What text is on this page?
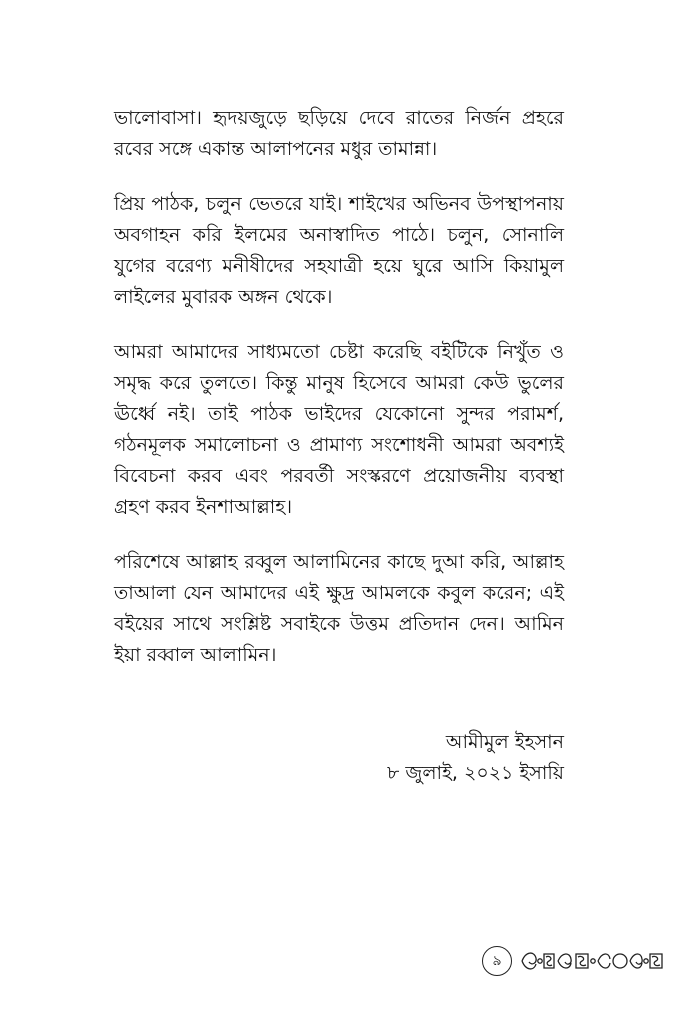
ভালোবাসা। হৃদয়জুড়ে ছড়িয়ে দেবে রাতের নির্জন প্রহরে রবের সঙ্গে একান্ত আলাপনের মধুর তামান্না।

প্রিয় পাঠক, চলুন ভেতরে যাই। শাইখের অভিনব উপস্থাপনায় অবগাহন করি ইলমের অনাস্বাদিত পাঠে। চলুন, সোনালি যুগের বরেণ্য মনীষীদের সহযাত্রী হয়ে ঘুরে আসি কিয়ামুল লাইলের মুবারক অঙ্গন থেকে।

আমরা আমাদের সাধ্যমতো চেষ্টা করেছি বইটিকে নিখুঁত ও সমৃদ্ধ করে তুলতে। কিন্তু মানুষ হিসেবে আমরা কেউ ভুলের ঊর্ধ্বে নই। তাই পাঠক ভাইদের যেকোনো সুন্দর পরামর্শ, গঠনমূলক সমালোচনা ও প্রামাণ্য সংশোধনী আমরা অবশ্যই বিবেচনা করব এবং পরবর্তী সংস্করণে প্রয়োজনীয় ব্যবস্থা গ্রহণ করব ইনশাআল্লাহ।

পরিশেষে আল্লাহ রব্বুল আলামিনের কাছে দুআ করি, আল্লাহ তাআলা যেন আমাদের এই ক্ষুদ্র আমলকে কবুল করেন; এই বইয়ের সাথে সংশ্লিষ্ট সবাইকে উত্তম প্রতিদান দেন। আমিন ইয়া রব্বাল আলামিন।

আমীমুল ইহসান
৮ জুলাই, ২০২১ ইসায়ি
৯
